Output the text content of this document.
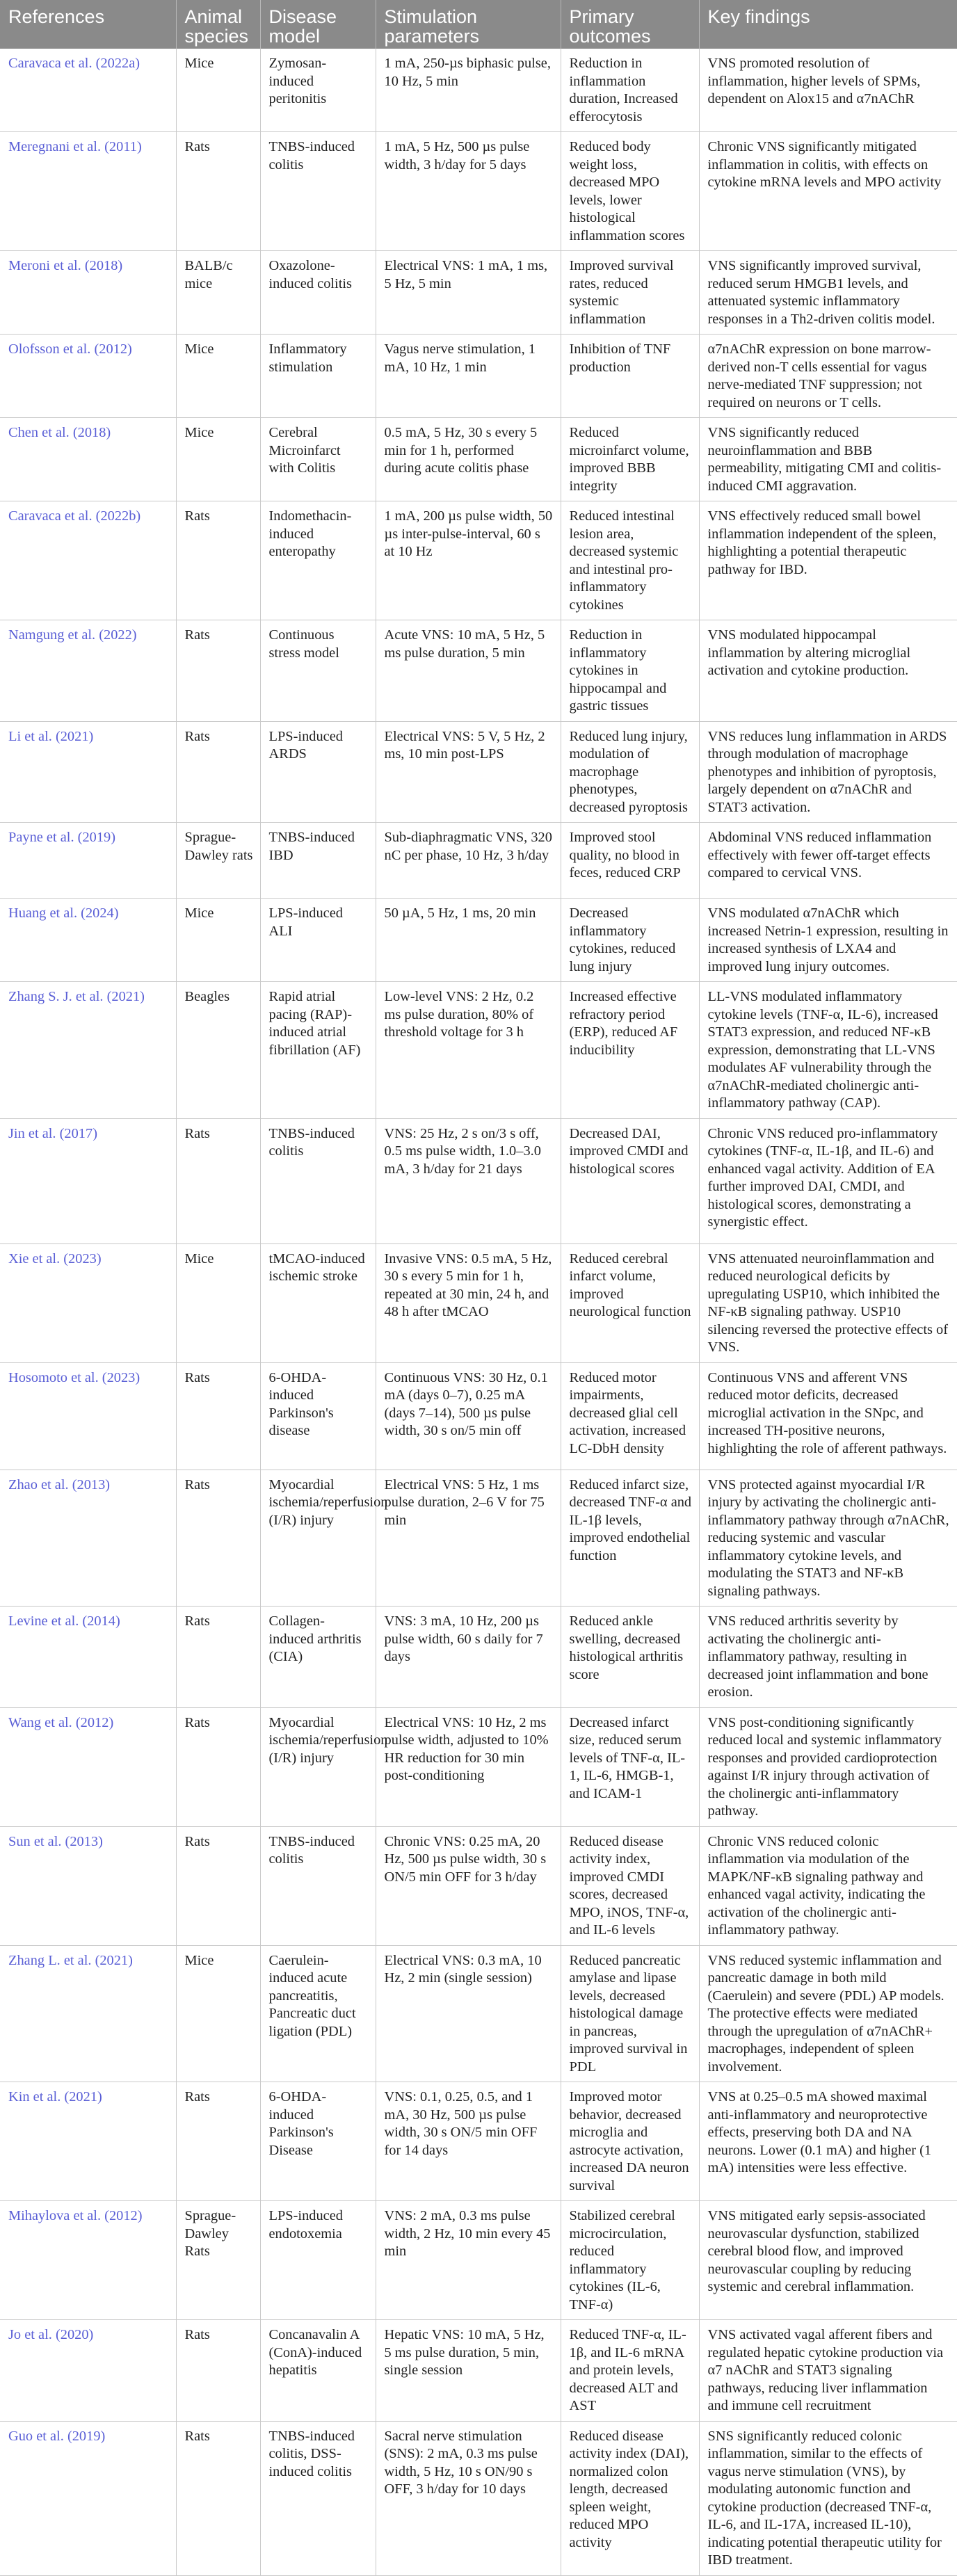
References	Animal species	Disease model	Stimulation parameters	Primary outcomes	Key findings
Caravaca et al. (2022a)	Mice	Zymosan-induced peritonitis	1 mA, 250-µs biphasic pulse, 10 Hz, 5 min	Reduction in inflammation duration, Increased efferocytosis	VNS promoted resolution of inflammation, higher levels of SPMs, dependent on Alox15 and α7nAChR
Meregnani et al. (2011)	Rats	TNBS-induced colitis	1 mA, 5 Hz, 500 µs pulse width, 3 h/day for 5 days	Reduced body weight loss, decreased MPO levels, lower histological inflammation scores	Chronic VNS significantly mitigated inflammation in colitis, with effects on cytokine mRNA levels and MPO activity
Meroni et al. (2018)	BALB/c mice	Oxazolone-induced colitis	Electrical VNS: 1 mA, 1 ms, 5 Hz, 5 min	Improved survival rates, reduced systemic inflammation	VNS significantly improved survival, reduced serum HMGB1 levels, and attenuated systemic inflammatory responses in a Th2-driven colitis model.
Olofsson et al. (2012)	Mice	Inflammatory stimulation	Vagus nerve stimulation, 1 mA, 10 Hz, 1 min	Inhibition of TNF production	α7nAChR expression on bone marrow-derived non-T cells essential for vagus nerve-mediated TNF suppression; not required on neurons or T cells.
Chen et al. (2018)	Mice	Cerebral Microinfarct with Colitis	0.5 mA, 5 Hz, 30 s every 5 min for 1 h, performed during acute colitis phase	Reduced microinfarct volume, improved BBB integrity	VNS significantly reduced neuroinflammation and BBB permeability, mitigating CMI and colitis-induced CMI aggravation.
Caravaca et al. (2022b)	Rats	Indomethacin-induced enteropathy	1 mA, 200 µs pulse width, 50 µs inter-pulse-interval, 60 s at 10 Hz	Reduced intestinal lesion area, decreased systemic and intestinal pro-inflammatory cytokines	VNS effectively reduced small bowel inflammation independent of the spleen, highlighting a potential therapeutic pathway for IBD.
Namgung et al. (2022)	Rats	Continuous stress model	Acute VNS: 10 mA, 5 Hz, 5 ms pulse duration, 5 min	Reduction in inflammatory cytokines in hippocampal and gastric tissues	VNS modulated hippocampal inflammation by altering microglial activation and cytokine production.
Li et al. (2021)	Rats	LPS-induced ARDS	Electrical VNS: 5 V, 5 Hz, 2 ms, 10 min post-LPS	Reduced lung injury, modulation of macrophage phenotypes, decreased pyroptosis	VNS reduces lung inflammation in ARDS through modulation of macrophage phenotypes and inhibition of pyroptosis, largely dependent on α7nAChR and STAT3 activation.
Payne et al. (2019)	Sprague-Dawley rats	TNBS-induced IBD	Sub-diaphragmatic VNS, 320 nC per phase, 10 Hz, 3 h/day	Improved stool quality, no blood in feces, reduced CRP	Abdominal VNS reduced inflammation effectively with fewer off-target effects compared to cervical VNS.
Huang et al. (2024)	Mice	LPS-induced ALI	50 µA, 5 Hz, 1 ms, 20 min	Decreased inflammatory cytokines, reduced lung injury	VNS modulated α7nAChR which increased Netrin-1 expression, resulting in increased synthesis of LXA4 and improved lung injury outcomes.
Zhang S. J. et al. (2021)	Beagles	Rapid atrial pacing (RAP)-induced atrial fibrillation (AF)	Low-level VNS: 2 Hz, 0.2 ms pulse duration, 80% of threshold voltage for 3 h	Increased effective refractory period (ERP), reduced AF inducibility	LL-VNS modulated inflammatory cytokine levels (TNF-α, IL-6), increased STAT3 expression, and reduced NF-κB expression, demonstrating that LL-VNS modulates AF vulnerability through the α7nAChR-mediated cholinergic anti-inflammatory pathway (CAP).
Jin et al. (2017)	Rats	TNBS-induced colitis	VNS: 25 Hz, 2 s on/3 s off, 0.5 ms pulse width, 1.0–3.0 mA, 3 h/day for 21 days	Decreased DAI, improved CMDI and histological scores	Chronic VNS reduced pro-inflammatory cytokines (TNF-α, IL-1β, and IL-6) and enhanced vagal activity. Addition of EA further improved DAI, CMDI, and histological scores, demonstrating a synergistic effect.
Xie et al. (2023)	Mice	tMCAO-induced ischemic stroke	Invasive VNS: 0.5 mA, 5 Hz, 30 s every 5 min for 1 h, repeated at 30 min, 24 h, and 48 h after tMCAO	Reduced cerebral infarct volume, improved neurological function	VNS attenuated neuroinflammation and reduced neurological deficits by upregulating USP10, which inhibited the NF-κB signaling pathway. USP10 silencing reversed the protective effects of VNS.
Hosomoto et al. (2023)	Rats	6-OHDA-induced Parkinson's disease	Continuous VNS: 30 Hz, 0.1 mA (days 0–7), 0.25 mA (days 7–14), 500 µs pulse width, 30 s on/5 min off	Reduced motor impairments, decreased glial cell activation, increased LC-DbH density	Continuous VNS and afferent VNS reduced motor deficits, decreased microglial activation in the SNpc, and increased TH-positive neurons, highlighting the role of afferent pathways.
Zhao et al. (2013)	Rats	Myocardial ischemia/reperfusion (I/R) injury	Electrical VNS: 5 Hz, 1 ms pulse duration, 2–6 V for 75 min	Reduced infarct size, decreased TNF-α and IL-1β levels, improved endothelial function	VNS protected against myocardial I/R injury by activating the cholinergic anti-inflammatory pathway through α7nAChR, reducing systemic and vascular inflammatory cytokine levels, and modulating the STAT3 and NF-κB signaling pathways.
Levine et al. (2014)	Rats	Collagen-induced arthritis (CIA)	VNS: 3 mA, 10 Hz, 200 µs pulse width, 60 s daily for 7 days	Reduced ankle swelling, decreased histological arthritis score	VNS reduced arthritis severity by activating the cholinergic anti-inflammatory pathway, resulting in decreased joint inflammation and bone erosion.
Wang et al. (2012)	Rats	Myocardial ischemia/reperfusion (I/R) injury	Electrical VNS: 10 Hz, 2 ms pulse width, adjusted to 10% HR reduction for 30 min post-conditioning	Decreased infarct size, reduced serum levels of TNF-α, IL-1, IL-6, HMGB-1, and ICAM-1	VNS post-conditioning significantly reduced local and systemic inflammatory responses and provided cardioprotection against I/R injury through activation of the cholinergic anti-inflammatory pathway.
Sun et al. (2013)	Rats	TNBS-induced colitis	Chronic VNS: 0.25 mA, 20 Hz, 500 µs pulse width, 30 s ON/5 min OFF for 3 h/day	Reduced disease activity index, improved CMDI scores, decreased MPO, iNOS, TNF-α, and IL-6 levels	Chronic VNS reduced colonic inflammation via modulation of the MAPK/NF-κB signaling pathway and enhanced vagal activity, indicating the activation of the cholinergic anti-inflammatory pathway.
Zhang L. et al. (2021)	Mice	Caerulein-induced acute pancreatitis, Pancreatic duct ligation (PDL)	Electrical VNS: 0.3 mA, 10 Hz, 2 min (single session)	Reduced pancreatic amylase and lipase levels, decreased histological damage in pancreas, improved survival in PDL	VNS reduced systemic inflammation and pancreatic damage in both mild (Caerulein) and severe (PDL) AP models. The protective effects were mediated through the upregulation of α7nAChR+ macrophages, independent of spleen involvement.
Kin et al. (2021)	Rats	6-OHDA-induced Parkinson's Disease	VNS: 0.1, 0.25, 0.5, and 1 mA, 30 Hz, 500 µs pulse width, 30 s ON/5 min OFF for 14 days	Improved motor behavior, decreased microglia and astrocyte activation, increased DA neuron survival	VNS at 0.25–0.5 mA showed maximal anti-inflammatory and neuroprotective effects, preserving both DA and NA neurons. Lower (0.1 mA) and higher (1 mA) intensities were less effective.
Mihaylova et al. (2012)	Sprague-Dawley Rats	LPS-induced endotoxemia	VNS: 2 mA, 0.3 ms pulse width, 2 Hz, 10 min every 45 min	Stabilized cerebral microcirculation, reduced inflammatory cytokines (IL-6, TNF-α)	VNS mitigated early sepsis-associated neurovascular dysfunction, stabilized cerebral blood flow, and improved neurovascular coupling by reducing systemic and cerebral inflammation.
Jo et al. (2020)	Rats	Concanavalin A (ConA)-induced hepatitis	Hepatic VNS: 10 mA, 5 Hz, 5 ms pulse duration, 5 min, single session	Reduced TNF-α, IL-1β, and IL-6 mRNA and protein levels, decreased ALT and AST	VNS activated vagal afferent fibers and regulated hepatic cytokine production via α7 nAChR and STAT3 signaling pathways, reducing liver inflammation and immune cell recruitment
Guo et al. (2019)	Rats	TNBS-induced colitis, DSS-induced colitis	Sacral nerve stimulation (SNS): 2 mA, 0.3 ms pulse width, 5 Hz, 10 s ON/90 s OFF, 3 h/day for 10 days	Reduced disease activity index (DAI), normalized colon length, decreased spleen weight, reduced MPO activity	SNS significantly reduced colonic inflammation, similar to the effects of vagus nerve stimulation (VNS), by modulating autonomic function and cytokine production (decreased TNF-α, IL-6, and IL-17A, increased IL-10), indicating potential therapeutic utility for IBD treatment.
